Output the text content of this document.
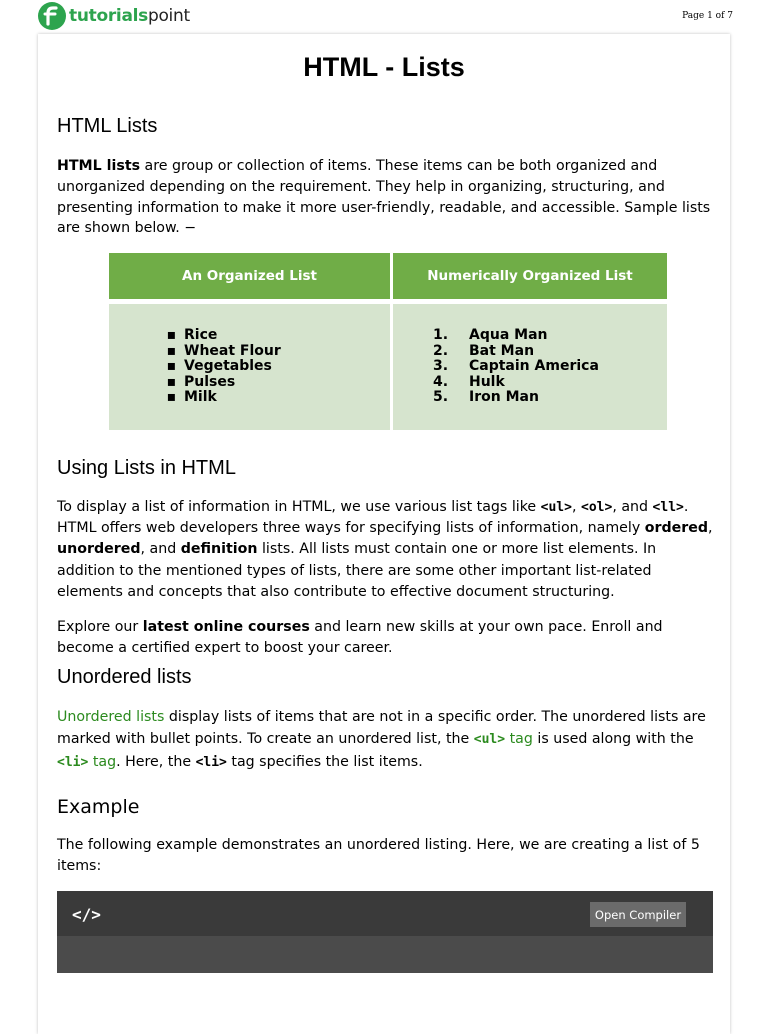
tutorialspoint	Page 1 of 7
HTML - Lists
HTML Lists

HTML lists are group or collection of items. These items can be both organized and unorganized depending on the requirement. They help in organizing, structuring, and presenting information to make it more user-friendly, readable, and accessible. Sample lists are shown below. −

An Organized List	Numerically Organized List
▪ Rice
▪ Wheat Flour
▪ Vegetables
▪ Pulses
▪ Milk
1.	Aqua Man
2.	Bat Man
3.	Captain America
4.	Hulk
5.	Iron Man
Using Lists in HTML

To display a list of information in HTML, we use various list tags like <ul>, <ol>, and <ll>. HTML offers web developers three ways for specifying lists of information, namely ordered, unordered, and definition lists. All lists must contain one or more list elements. In addition to the mentioned types of lists, there are some other important list-related elements and concepts that also contribute to effective document structuring.

Explore our latest online courses and learn new skills at your own pace. Enroll and become a certified expert to boost your career.

Unordered lists

Unordered lists display lists of items that are not in a specific order. The unordered lists are marked with bullet points. To create an unordered list, the <ul> tag is used along with the <li> tag. Here, the <li> tag specifies the list items.

Example

The following example demonstrates an unordered listing. Here, we are creating a list of 5 items:

</>	Open Compiler
